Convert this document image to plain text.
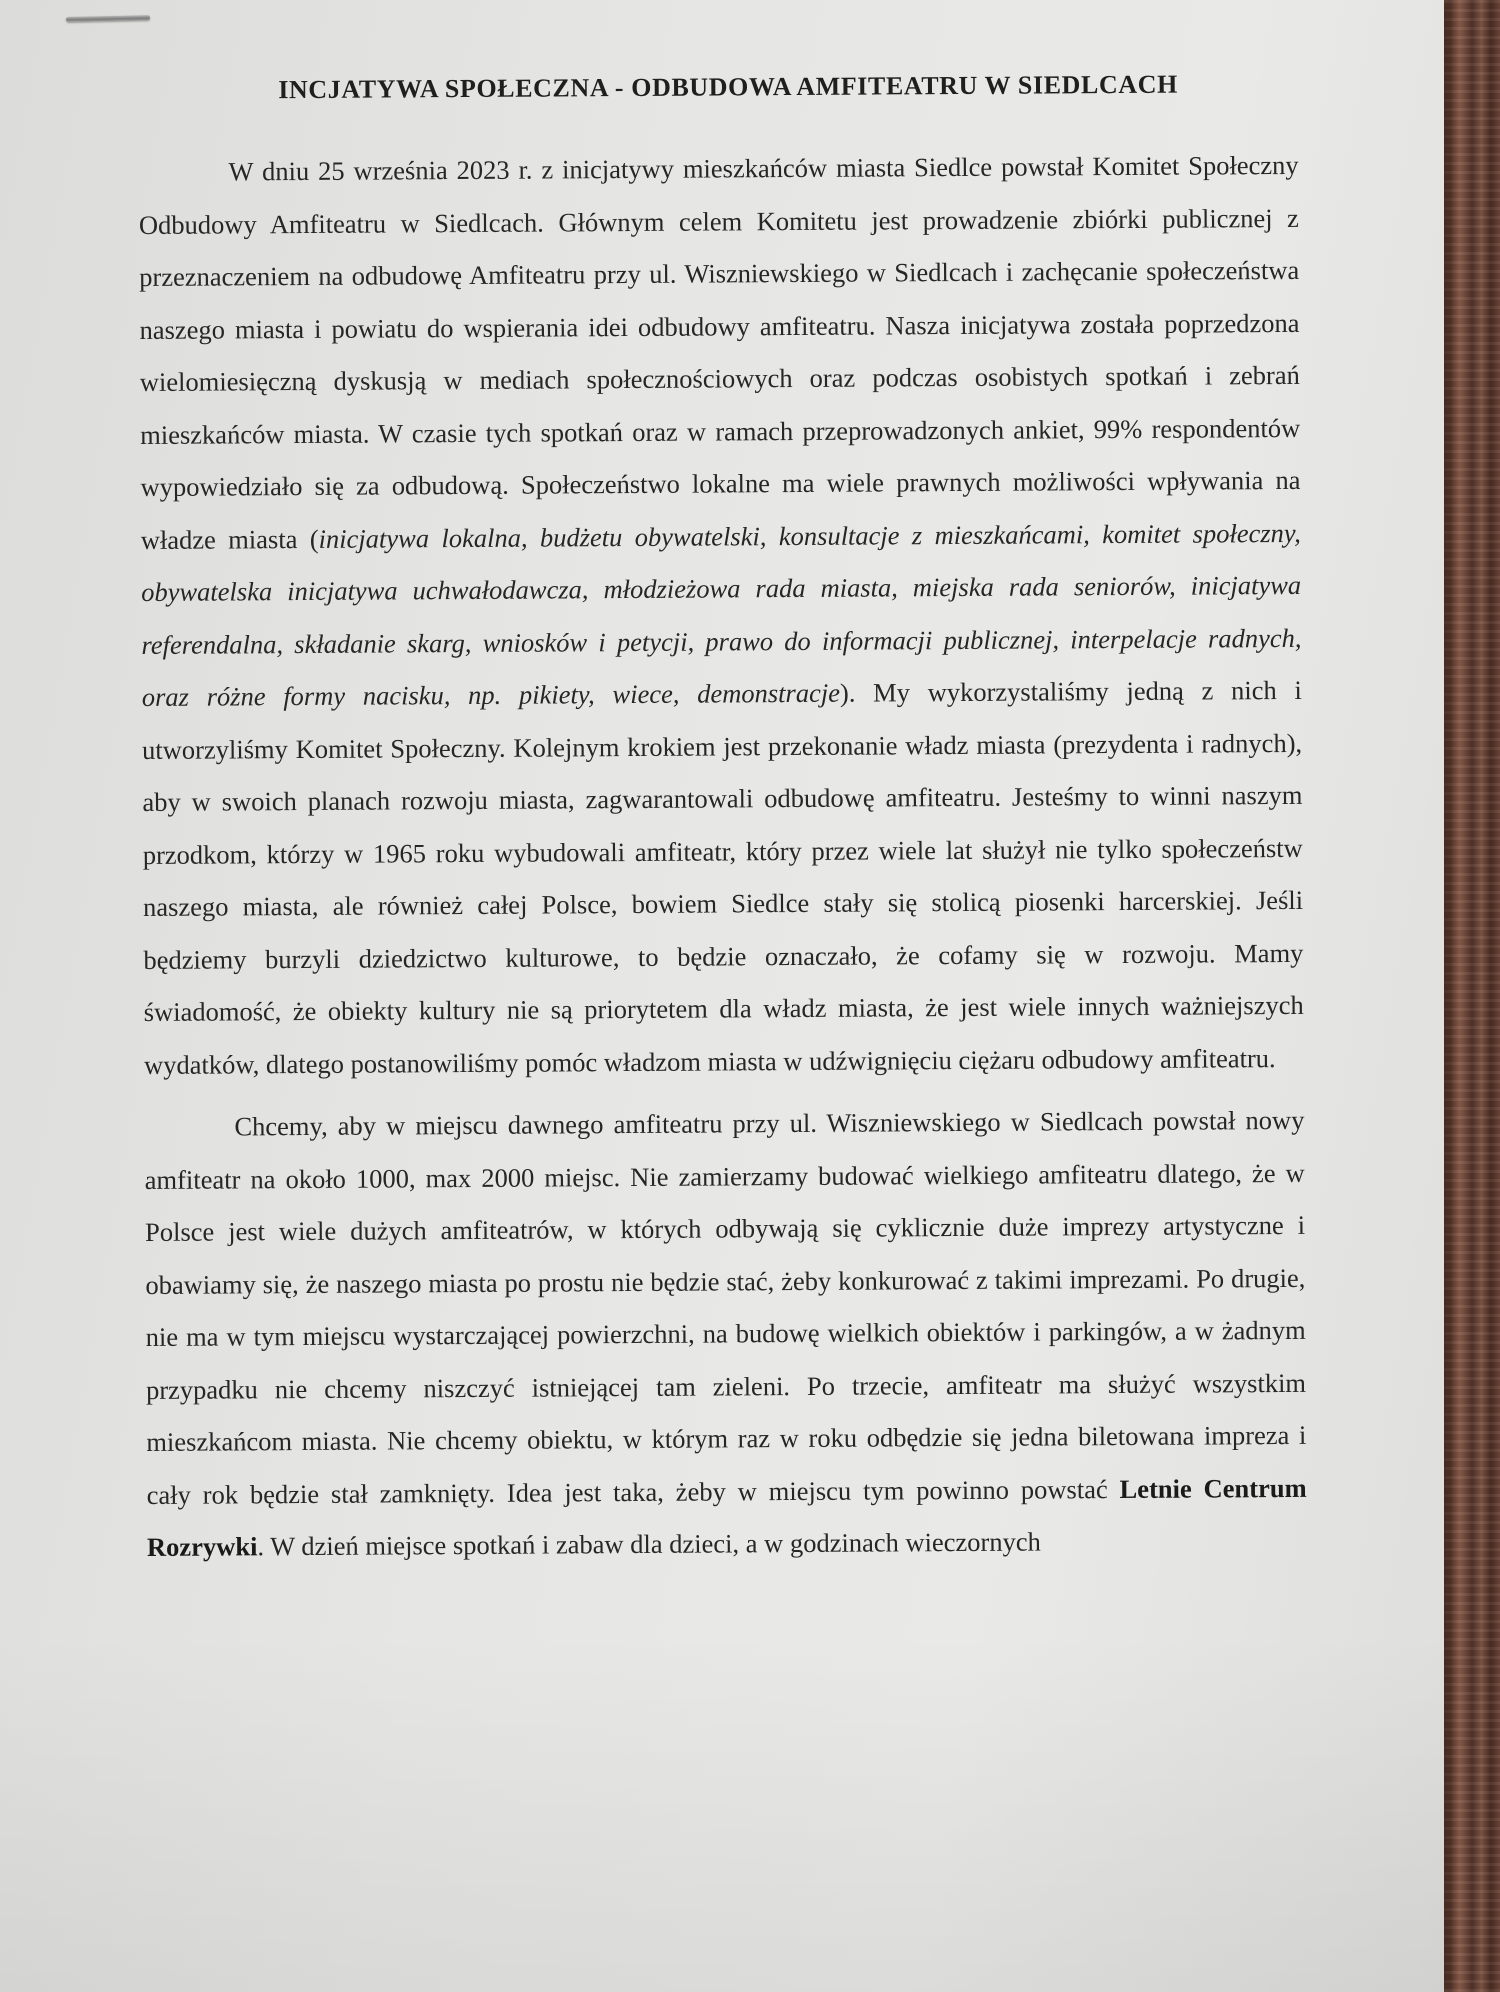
INCJATYWA SPOŁECZNA - ODBUDOWA AMFITEATRU W SIEDLCACH

W dniu 25 września 2023 r. z inicjatywy mieszkańców miasta Siedlce powstał Komitet Społeczny Odbudowy Amfiteatru w Siedlcach. Głównym celem Komitetu jest prowadzenie zbiórki publicznej z przeznaczeniem na odbudowę Amfiteatru przy ul. Wiszniewskiego w Siedlcach i zachęcanie społeczeństwa naszego miasta i powiatu do wspierania idei odbudowy amfiteatru. Nasza inicjatywa została poprzedzona wielomiesięczną dyskusją w mediach społecznościowych oraz podczas osobistych spotkań i zebrań mieszkańców miasta. W czasie tych spotkań oraz w ramach przeprowadzonych ankiet, 99% respondentów wypowiedziało się za odbudową. Społeczeństwo lokalne ma wiele prawnych możliwości wpływania na władze miasta (inicjatywa lokalna, budżetu obywatelski, konsultacje z mieszkańcami, komitet społeczny, obywatelska inicjatywa uchwałodawcza, młodzieżowa rada miasta, miejska rada seniorów, inicjatywa referendalna, składanie skarg, wniosków i petycji, prawo do informacji publicznej, interpelacje radnych, oraz różne formy nacisku, np. pikiety, wiece, demonstracje). My wykorzystaliśmy jedną z nich i utworzyliśmy Komitet Społeczny. Kolejnym krokiem jest przekonanie władz miasta (prezydenta i radnych), aby w swoich planach rozwoju miasta, zagwarantowali odbudowę amfiteatru. Jesteśmy to winni naszym przodkom, którzy w 1965 roku wybudowali amfiteatr, który przez wiele lat służył nie tylko społeczeństw naszego miasta, ale również całej Polsce, bowiem Siedlce stały się stolicą piosenki harcerskiej. Jeśli będziemy burzyli dziedzictwo kulturowe, to będzie oznaczało, że cofamy się w rozwoju. Mamy świadomość, że obiekty kultury nie są priorytetem dla władz miasta, że jest wiele innych ważniejszych wydatków, dlatego postanowiliśmy pomóc władzom miasta w udźwignięciu ciężaru odbudowy amfiteatru.

Chcemy, aby w miejscu dawnego amfiteatru przy ul. Wiszniewskiego w Siedlcach powstał nowy amfiteatr na około 1000, max 2000 miejsc. Nie zamierzamy budować wielkiego amfiteatru dlatego, że w Polsce jest wiele dużych amfiteatrów, w których odbywają się cyklicznie duże imprezy artystyczne i obawiamy się, że naszego miasta po prostu nie będzie stać, żeby konkurować z takimi imprezami. Po drugie, nie ma w tym miejscu wystarczającej powierzchni, na budowę wielkich obiektów i parkingów, a w żadnym przypadku nie chcemy niszczyć istniejącej tam zieleni. Po trzecie, amfiteatr ma służyć wszystkim mieszkańcom miasta. Nie chcemy obiektu, w którym raz w roku odbędzie się jedna biletowana impreza i cały rok będzie stał zamknięty. Idea jest taka, żeby w miejscu tym powinno powstać Letnie Centrum Rozrywki. W dzień miejsce spotkań i zabaw dla dzieci, a w godzinach wieczornych
